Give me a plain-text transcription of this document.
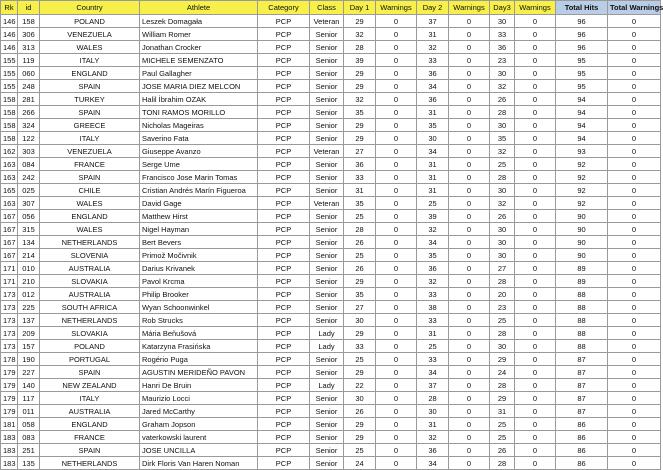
Rk	id	Country	Athlete	Category	Class	Day 1	Warnings	Day 2	Warnings	Day3	Warnings	Total Hits	Total Warnings
146	158	POLAND	Leszek Domagała	PCP	Veteran	29	0	37	0	30	0	96	0
146	306	VENEZUELA	William Romer	PCP	Senior	32	0	31	0	33	0	96	0
146	313	WALES	Jonathan Crocker	PCP	Senior	28	0	32	0	36	0	96	0
155	119	ITALY	MICHELE SEMENZATO	PCP	Senior	39	0	33	0	23	0	95	0
155	060	ENGLAND	Paul Gallagher	PCP	Senior	29	0	36	0	30	0	95	0
155	248	SPAIN	JOSE MARIA DIEZ MELCON	PCP	Senior	29	0	34	0	32	0	95	0
158	281	TURKEY	Halil İbrahim OZAK	PCP	Senior	32	0	36	0	26	0	94	0
158	266	SPAIN	TONI RAMOS MORILLO	PCP	Senior	35	0	31	0	28	0	94	0
158	324	GREECE	Nicholas Mageiras	PCP	Senior	29	0	35	0	30	0	94	0
158	122	ITALY	Saverino Fata	PCP	Senior	29	0	30	0	35	0	94	0
162	303	VENEZUELA	Giuseppe Avanzo	PCP	Veteran	27	0	34	0	32	0	93	0
163	084	FRANCE	Serge Ume	PCP	Senior	36	0	31	0	25	0	92	0
163	242	SPAIN	Francisco Jose Marin Tomas	PCP	Senior	33	0	31	0	28	0	92	0
165	025	CHILE	Cristian Andrés Marín Figueroa	PCP	Senior	31	0	31	0	30	0	92	0
163	307	WALES	David Gage	PCP	Veteran	35	0	25	0	32	0	92	0
167	056	ENGLAND	Matthew Hirst	PCP	Senior	25	0	39	0	26	0	90	0
167	315	WALES	Nigel Hayman	PCP	Senior	28	0	32	0	30	0	90	0
167	134	NETHERLANDS	Bert Bevers	PCP	Senior	26	0	34	0	30	0	90	0
167	214	SLOVENIA	Primož Močivnik	PCP	Senior	25	0	35	0	30	0	90	0
171	010	AUSTRALIA	Darius Krivanek	PCP	Senior	26	0	36	0	27	0	89	0
171	210	SLOVAKIA	Pavol Krcma	PCP	Senior	29	0	32	0	28	0	89	0
173	012	AUSTRALIA	Philip Brooker	PCP	Senior	35	0	33	0	20	0	88	0
173	225	SOUTH AFRICA	Wyan Schoonwinkel	PCP	Senior	27	0	38	0	23	0	88	0
173	137	NETHERLANDS	Rob Strucks	PCP	Senior	30	0	33	0	25	0	88	0
173	209	SLOVAKIA	Mária Beňušová	PCP	Lady	29	0	31	0	28	0	88	0
173	157	POLAND	Katarzyna Frasińska	PCP	Lady	33	0	25	0	30	0	88	0
178	190	PORTUGAL	Rogério Puga	PCP	Senior	25	0	33	0	29	0	87	0
179	227	SPAIN	AGUSTIN MERIDEÑO PAVON	PCP	Senior	29	0	34	0	24	0	87	0
179	140	NEW ZEALAND	Hanri De Bruin	PCP	Lady	22	0	37	0	28	0	87	0
179	117	ITALY	Maurizio Locci	PCP	Senior	30	0	28	0	29	0	87	0
179	011	AUSTRALIA	Jared McCarthy	PCP	Senior	26	0	30	0	31	0	87	0
181	058	ENGLAND	Graham Jopson	PCP	Senior	29	0	31	0	25	0	86	0
183	083	FRANCE	vaterkowski laurent	PCP	Senior	29	0	32	0	25	0	86	0
183	251	SPAIN	JOSE UNCILLA	PCP	Senior	25	0	36	0	26	0	86	0
183	135	NETHERLANDS	Dirk Floris Van Haren Noman	PCP	Senior	24	0	34	0	28	0	86	0
